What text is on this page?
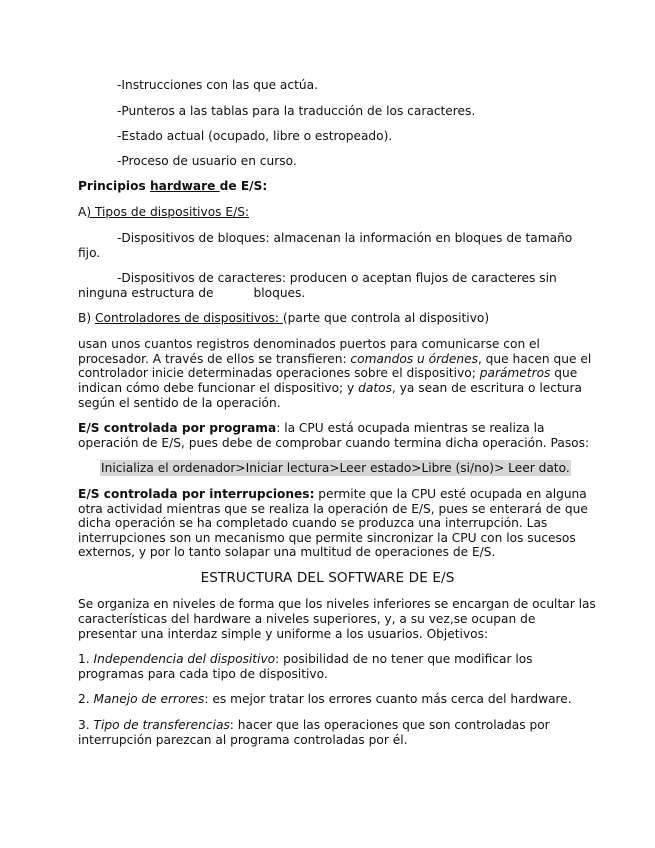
-Instrucciones con las que actúa.
-Punteros a las tablas para la traducción de los caracteres.
-Estado actual (ocupado, libre o estropeado).
-Proceso de usuario en curso.
Principios hardware de E/S:
A) Tipos de dispositivos E/S:
-Dispositivos de bloques: almacenan la información en bloques de tamaño
fijo.
-Dispositivos de caracteres: producen o aceptan flujos de caracteres sin
ninguna estructura de	bloques.
B) Controladores de dispositivos: (parte que controla al dispositivo)
usan unos cuantos registros denominados puertos para comunicarse con el
procesador. A través de ellos se transfieren: comandos u órdenes, que hacen que el
controlador inicie determinadas operaciones sobre el dispositivo; parámetros que
indican cómo debe funcionar el dispositivo; y datos, ya sean de escritura o lectura
según el sentido de la operación.
E/S controlada por programa: la CPU está ocupada mientras se realiza la
operación de E/S, pues debe de comprobar cuando termina dicha operación. Pasos:
Inicializa el ordenador>Iniciar lectura>Leer estado>Libre (si/no)> Leer dato.
E/S controlada por interrupciones: permite que la CPU esté ocupada en alguna
otra actividad mientras que se realiza la operación de E/S, pues se enterará de que
dicha operación se ha completado cuando se produzca una interrupción. Las
interrupciones son un mecanismo que permite sincronizar la CPU con los sucesos
externos, y por lo tanto solapar una multitud de operaciones de E/S.
ESTRUCTURA DEL SOFTWARE DE E/S
Se organiza en niveles de forma que los niveles inferiores se encargan de ocultar las
características del hardware a niveles superiores, y, a su vez,se ocupan de
presentar una interdaz simple y uniforme a los usuarios. Objetivos:
1. Independencia del dispositivo: posibilidad de no tener que modificar los
programas para cada tipo de dispositivo.
2. Manejo de errores: es mejor tratar los errores cuanto más cerca del hardware.
3. Tipo de transferencias: hacer que las operaciones que son controladas por
interrupción parezcan al programa controladas por él.
